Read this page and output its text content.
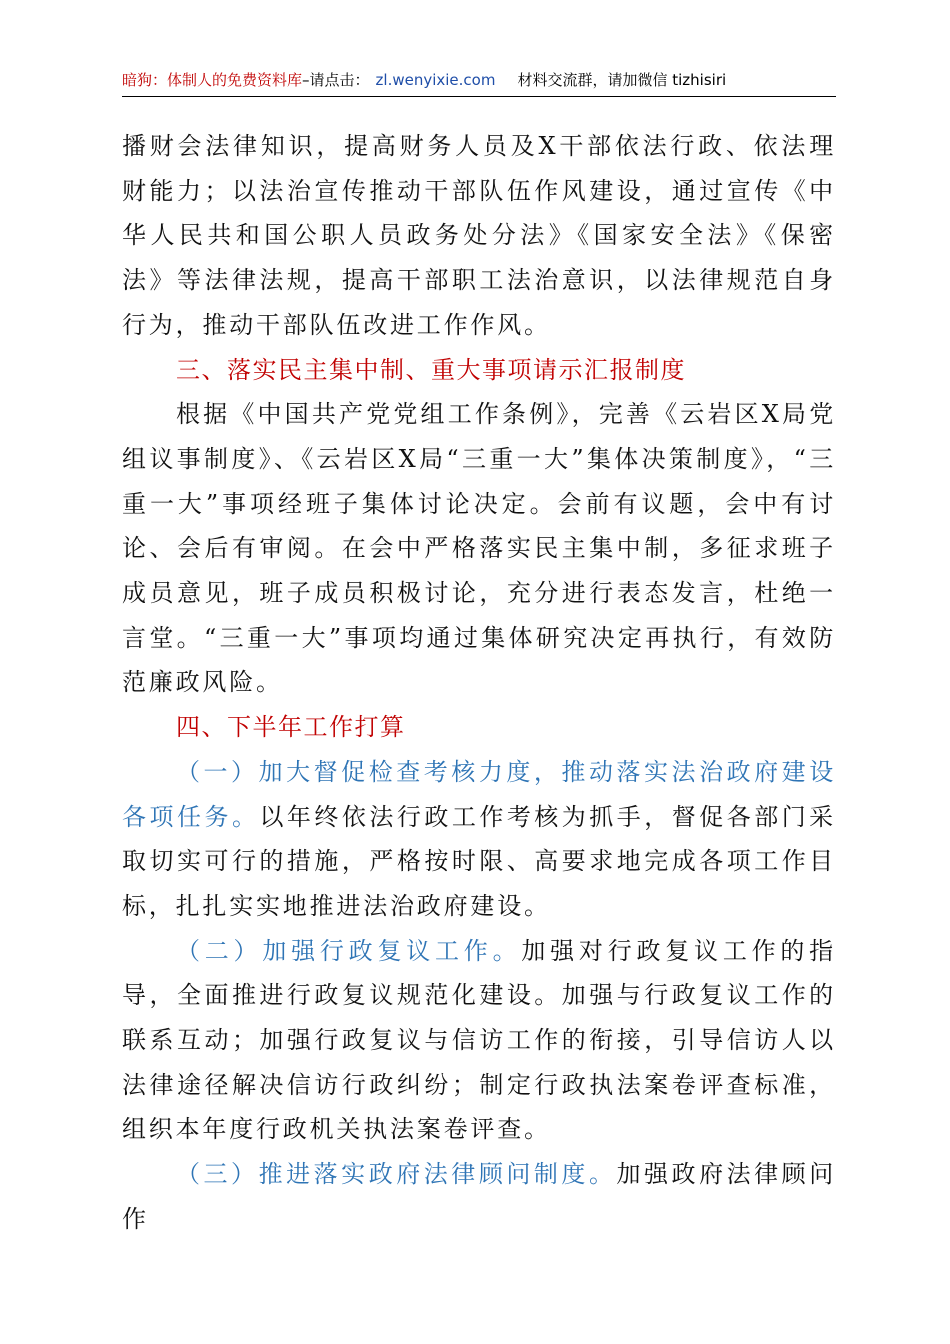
暗狗：体制人的免费资料库–请点击： zl.wenyixie.com 材料交流群，请加微信 tizhisiri

播财会法律知识，提高财务人员及X干部依法行政、依法理财能力；以法治宣传推动干部队伍作风建设，通过宣传《中华人民共和国公职人员政务处分法》《国家安全法》《保密法》等法律法规，提高干部职工法治意识，以法律规范自身行为，推动干部队伍改进工作作风。

三、落实民主集中制、重大事项请示汇报制度

根据《中国共产党党组工作条例》，完善《云岩区X局党组议事制度》、《云岩区X局“三重一大”集体决策制度》，“三重一大”事项经班子集体讨论决定。会前有议题，会中有讨论、会后有审阅。在会中严格落实民主集中制，多征求班子成员意见，班子成员积极讨论，充分进行表态发言，杜绝一言堂。“三重一大”事项均通过集体研究决定再执行，有效防范廉政风险。

四、下半年工作打算

（一）加大督促检查考核力度，推动落实法治政府建设各项任务。以年终依法行政工作考核为抓手，督促各部门采取切实可行的措施，严格按时限、高要求地完成各项工作目标，扎扎实实地推进法治政府建设。

（二）加强行政复议工作。加强对行政复议工作的指导，全面推进行政复议规范化建设。加强与行政复议工作的联系互动；加强行政复议与信访工作的衔接，引导信访人以法律途径解决信访行政纠纷；制定行政执法案卷评查标准，组织本年度行政机关执法案卷评查。

（三）推进落实政府法律顾问制度。加强政府法律顾问作
